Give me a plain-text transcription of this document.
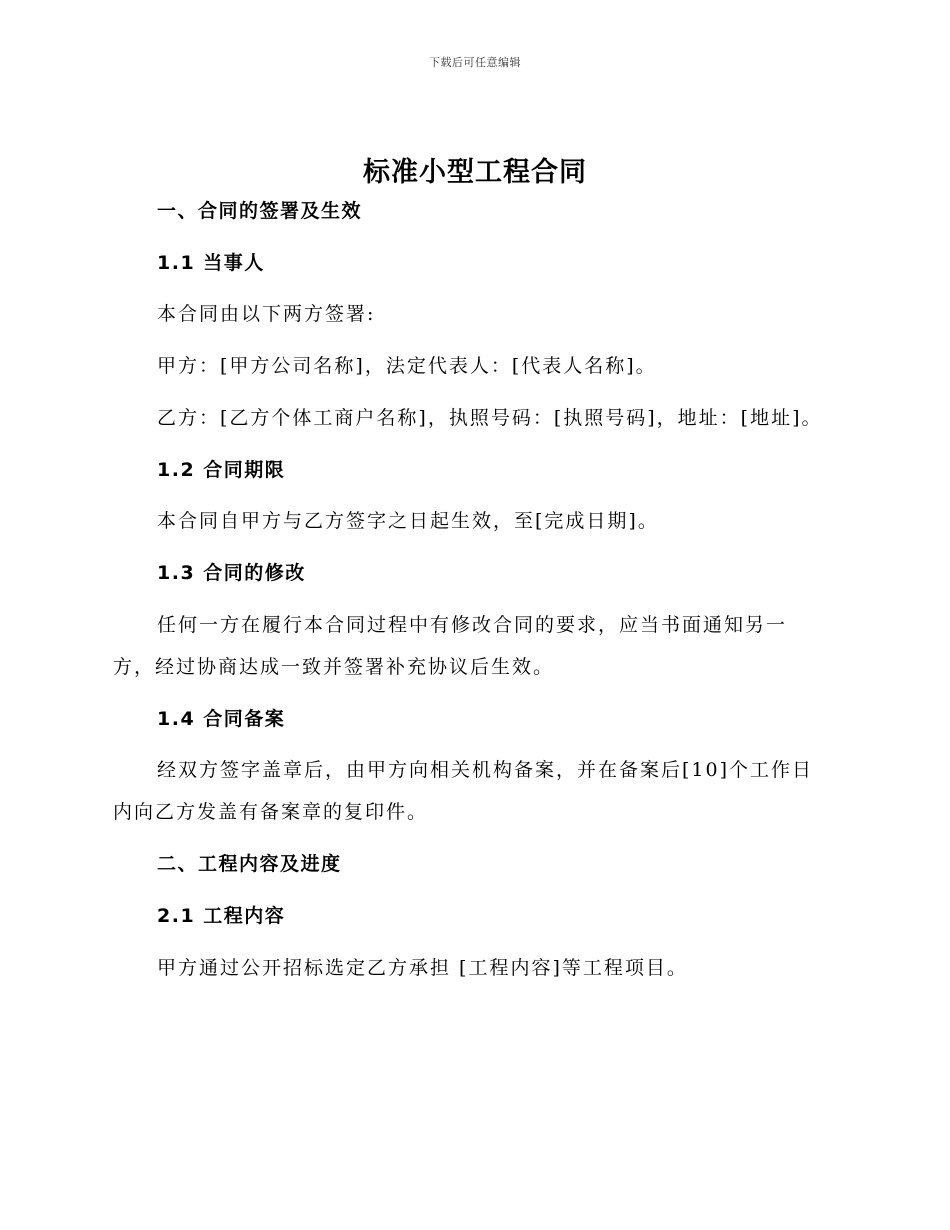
下载后可任意编辑
标准小型工程合同
一、合同的签署及生效
1.1 当事人
本合同由以下两方签署:
甲方：[甲方公司名称]，法定代表人：[代表人名称]。
乙方：[乙方个体工商户名称]，执照号码：[执照号码]，地址：[地址]。
1.2 合同期限
本合同自甲方与乙方签字之日起生效，至[完成日期]。
1.3 合同的修改
任何一方在履行本合同过程中有修改合同的要求，应当书面通知另一
方，经过协商达成一致并签署补充协议后生效。
1.4 合同备案
经双方签字盖章后，由甲方向相关机构备案，并在备案后[10]个工作日
内向乙方发盖有备案章的复印件。
二、工程内容及进度
2.1 工程内容
甲方通过公开招标选定乙方承担 [工程内容]等工程项目。
